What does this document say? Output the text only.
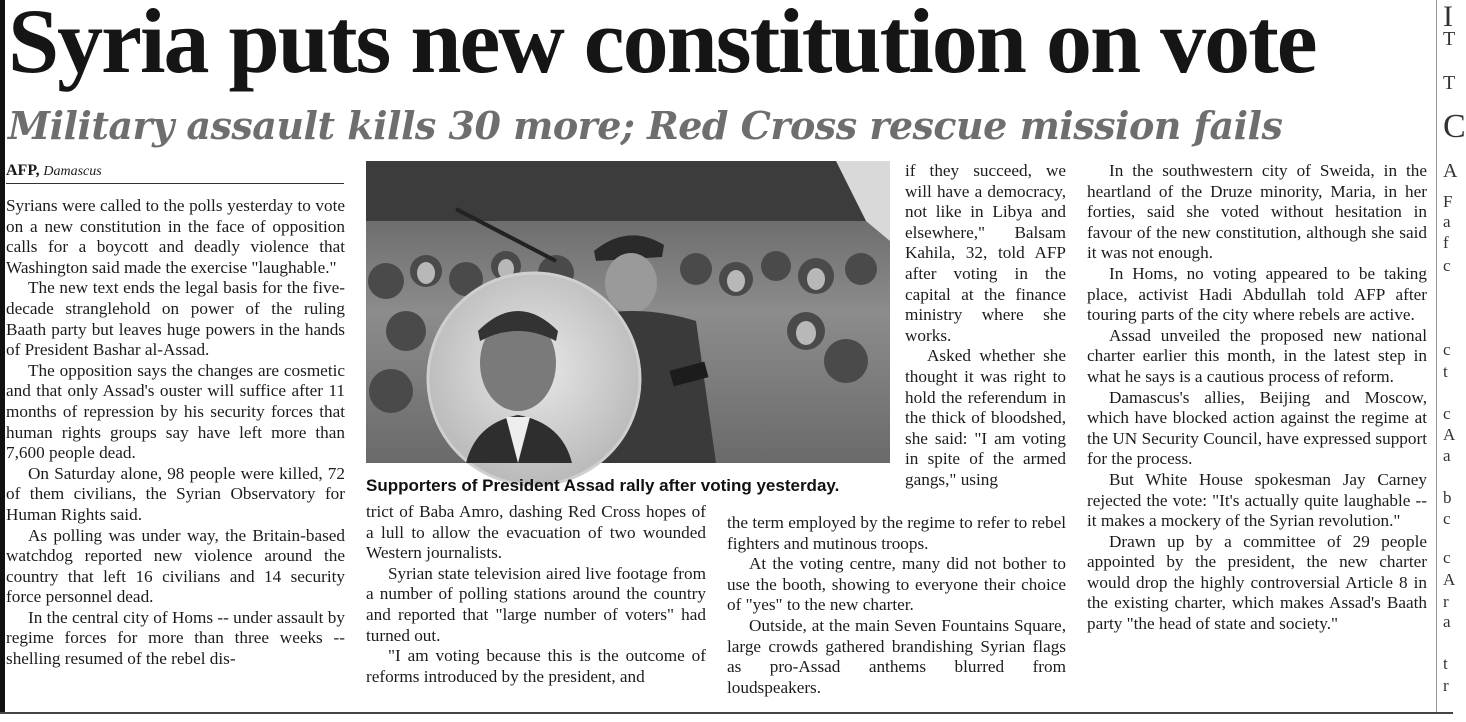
Syria puts new constitution on vote
Military assault kills 30 more; Red Cross rescue mission fails
AFP, Damascus

Syrians were called to the polls yesterday to vote on a new constitution in the face of opposition calls for a boycott and deadly violence that Washington said made the exercise "laughable."

The new text ends the legal basis for the five-decade stranglehold on power of the ruling Baath party but leaves huge powers in the hands of President Bashar al-Assad.

The opposition says the changes are cosmetic and that only Assad's ouster will suffice after 11 months of repression by his security forces that human rights groups say have left more than 7,600 people dead.

On Saturday alone, 98 people were killed, 72 of them civilians, the Syrian Observatory for Human Rights said.

As polling was under way, the Britain-based watchdog reported new violence around the country that left 16 civilians and 14 security force personnel dead.

In the central city of Homs -- under assault by regime forces for more than three weeks -- shelling resumed of the rebel dis-

Supporters of President Assad rally after voting yesterday.

trict of Baba Amro, dashing Red Cross hopes of a lull to allow the evacuation of two wounded Western journalists.

Syrian state television aired live footage from a number of polling stations around the country and reported that "large number of voters" had turned out.

"I am voting because this is the outcome of reforms introduced by the president, and

if they succeed, we will have a democracy, not like in Libya and elsewhere," Balsam Kahila, 32, told AFP after voting in the capital at the finance ministry where she works.

Asked whether she thought it was right to hold the referendum in the thick of bloodshed, she said: "I am voting in spite of the armed gangs," using

the term employed by the regime to refer to rebel fighters and mutinous troops.

At the voting centre, many did not bother to use the booth, showing to everyone their choice of "yes" to the new charter.

Outside, at the main Seven Fountains Square, large crowds gathered brandishing Syrian flags as pro-Assad anthems blurred from loudspeakers.

In the southwestern city of Sweida, in the heartland of the Druze minority, Maria, in her forties, said she voted without hesitation in favour of the new constitution, although she said it was not enough.

In Homs, no voting appeared to be taking place, activist Hadi Abdullah told AFP after touring parts of the city where rebels are active.

Assad unveiled the proposed new national charter earlier this month, in the latest step in what he says is a cautious process of reform.

Damascus's allies, Beijing and Moscow, which have blocked action against the regime at the UN Security Council, have expressed support for the process.

But White House spokesman Jay Carney rejected the vote: "It's actually quite laughable -- it makes a mockery of the Syrian revolution."

Drawn up by a committee of 29 people appointed by the president, the new charter would drop the highly controversial Article 8 in the existing charter, which makes Assad's Baath party "the head of state and society."

I
T
T
C
A
F
a
f
c
c
t
c
A
a
b
c
c
A
r
a
t
r
